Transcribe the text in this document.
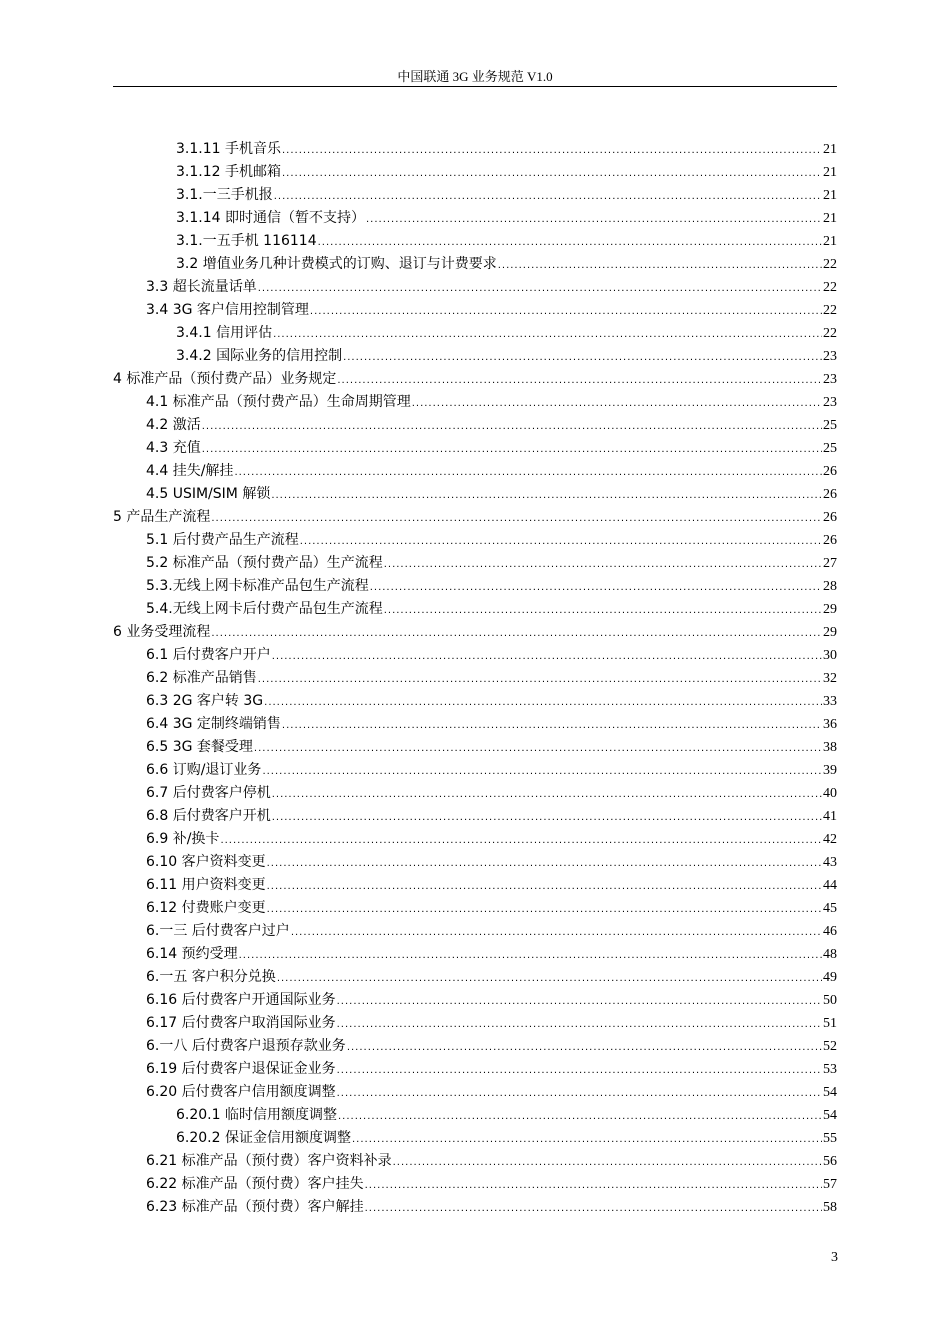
中国联通 3G 业务规范 V1.0
3.1.11 手机音乐 .....	21
3.1.12 手机邮箱 .....	21
3.1.一三手机报 .....	21
3.1.14 即时通信（暂不支持） .....	21
3.1.一五手机 116114 .....	21
3.2 增值业务几种计费模式的订购、退订与计费要求 .....	22
3.3 超长流量话单 .....	22
3.4 3G 客户信用控制管理 .....	22
3.4.1 信用评估 .....	22
3.4.2 国际业务的信用控制 .....	23
4 标准产品（预付费产品）业务规定 .....	23
4.1 标准产品（预付费产品）生命周期管理 .....	23
4.2 激活 .....	25
4.3 充值 .....	25
4.4 挂失/解挂 .....	26
4.5 USIM/SIM 解锁 .....	26
5 产品生产流程 .....	26
5.1 后付费产品生产流程 .....	26
5.2 标准产品（预付费产品）生产流程 .....	27
5.3.无线上网卡标准产品包生产流程 .....	28
5.4.无线上网卡后付费产品包生产流程 .....	29
6 业务受理流程 .....	29
6.1 后付费客户开户 .....	30
6.2 标准产品销售 .....	32
6.3 2G 客户转 3G .....	33
6.4 3G 定制终端销售 .....	36
6.5 3G 套餐受理 .....	38
6.6 订购/退订业务 .....	39
6.7 后付费客户停机 .....	40
6.8 后付费客户开机 .....	41
6.9 补/换卡 .....	42
6.10 客户资料变更 .....	43
6.11 用户资料变更 .....	44
6.12 付费账户变更 .....	45
6.一三 后付费客户过户 .....	46
6.14 预约受理 .....	48
6.一五 客户积分兑换 .....	49
6.16 后付费客户开通国际业务 .....	50
6.17 后付费客户取消国际业务 .....	51
6.一八 后付费客户退预存款业务 .....	52
6.19 后付费客户退保证金业务 .....	53
6.20 后付费客户信用额度调整 .....	54
6.20.1 临时信用额度调整 .....	54
6.20.2 保证金信用额度调整 .....	55
6.21 标准产品（预付费）客户资料补录 .....	56
6.22 标准产品（预付费）客户挂失 .....	57
6.23 标准产品（预付费）客户解挂 .....	58
3
